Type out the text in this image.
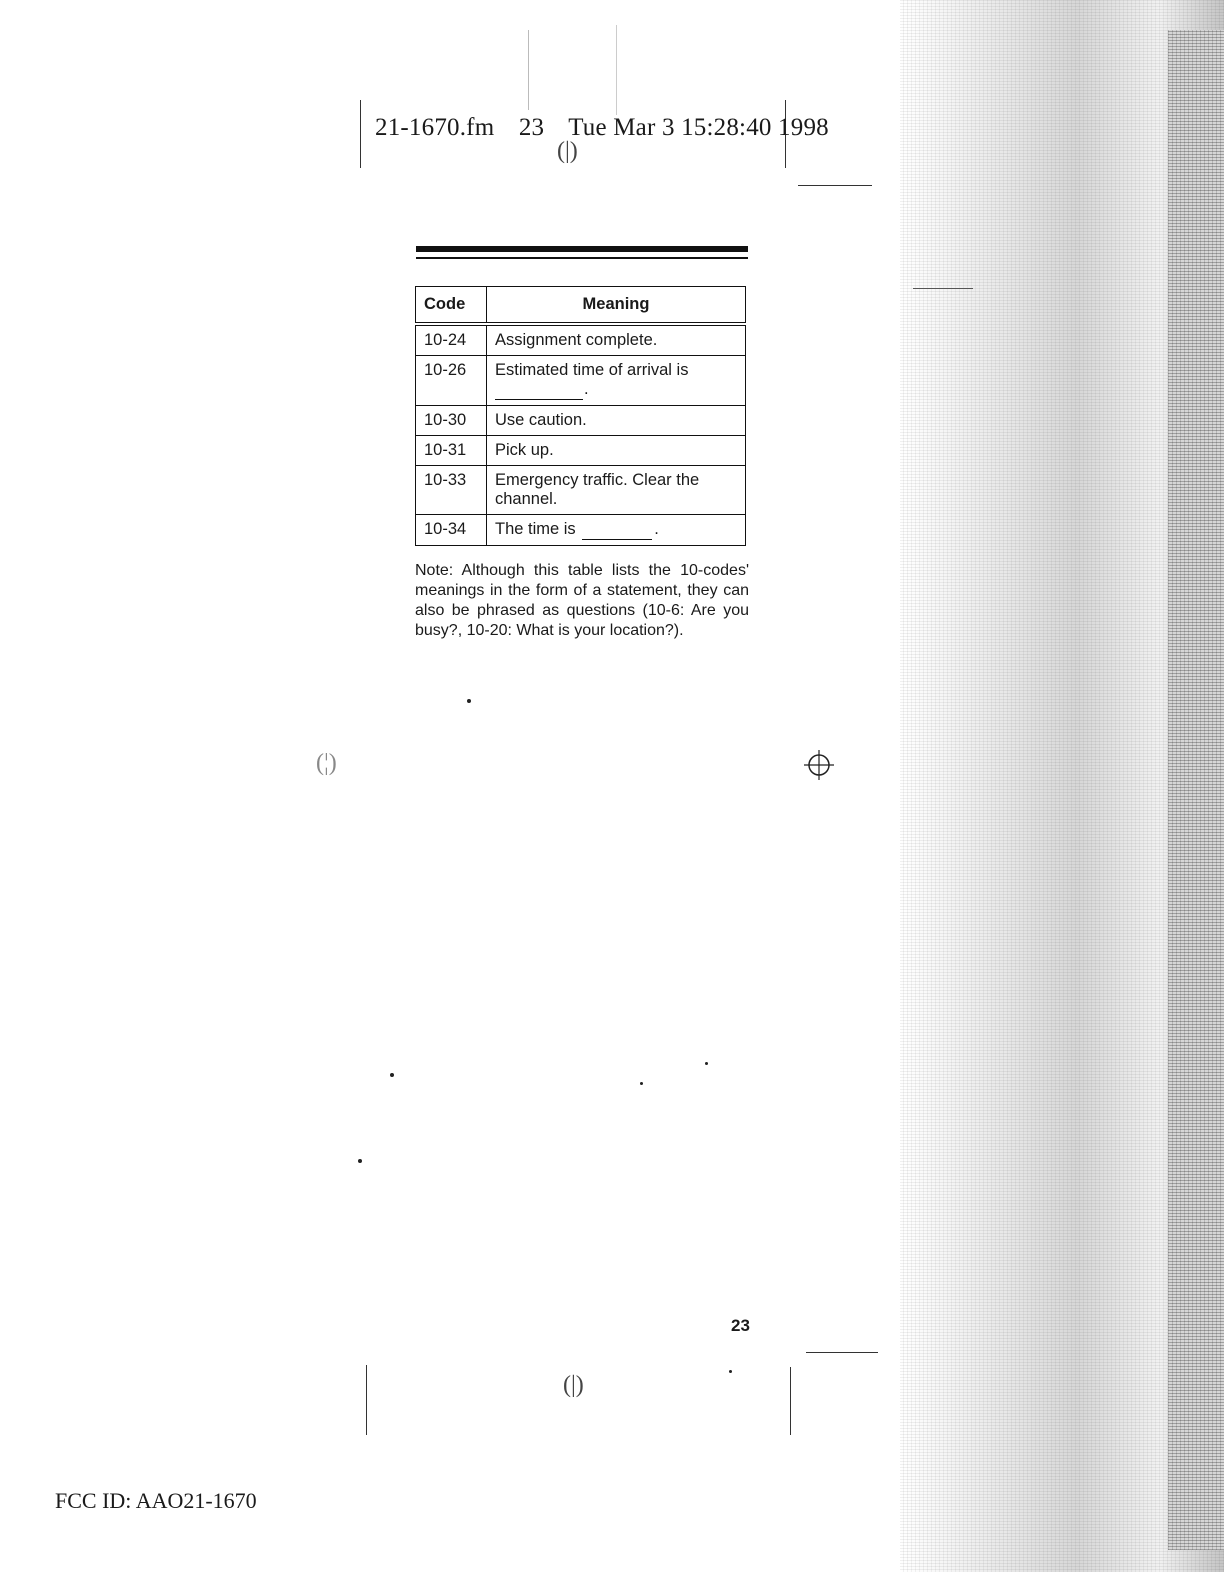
21-1670.fm 23 Tue Mar 3 15:28:40 1998
(|)
Code	Meaning
10-24	Assignment complete.
10-26	Estimated time of arrival is
.
10-30	Use caution.
10-31	Pick up.
10-33	Emergency traffic. Clear the channel.
10-34	The time is .
Note: Although this table lists the 10-codes' meanings in the form of a statement, they can also be phrased as questions (10-6: Are you busy?, 10-20: What is your location?).
(¦)
23
(|)
FCC ID: AAO21-1670
